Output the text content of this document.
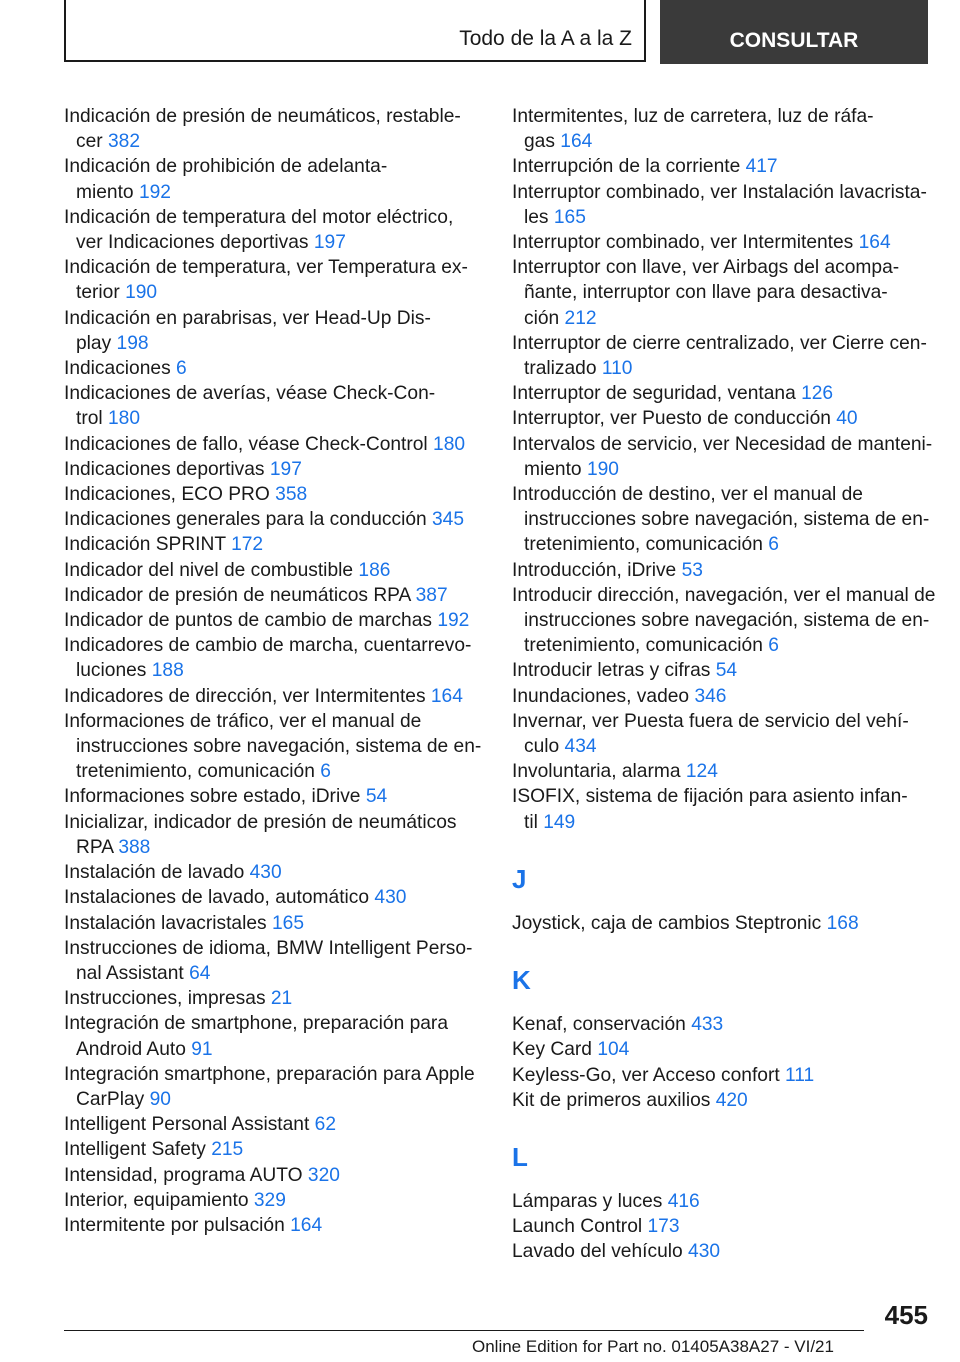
Todo de la A a la Z	CONSULTAR
Indicación de presión de neumáticos, restable-
cer 382
Indicación de prohibición de adelanta-
miento 192
Indicación de temperatura del motor eléctrico,
ver Indicaciones deportivas 197
Indicación de temperatura, ver Temperatura ex-
terior 190
Indicación en parabrisas, ver Head-Up Dis-
play 198
Indicaciones 6
Indicaciones de averías, véase Check-Con-
trol 180
Indicaciones de fallo, véase Check-Control 180
Indicaciones deportivas 197
Indicaciones, ECO PRO 358
Indicaciones generales para la conducción 345
Indicación SPRINT 172
Indicador del nivel de combustible 186
Indicador de presión de neumáticos RPA 387
Indicador de puntos de cambio de marchas 192
Indicadores de cambio de marcha, cuentarrevo-
luciones 188
Indicadores de dirección, ver Intermitentes 164
Informaciones de tráfico, ver el manual de
instrucciones sobre navegación, sistema de en-
tretenimiento, comunicación 6
Informaciones sobre estado, iDrive 54
Inicializar, indicador de presión de neumáticos
RPA 388
Instalación de lavado 430
Instalaciones de lavado, automático 430
Instalación lavacristales 165
Instrucciones de idioma, BMW Intelligent Perso-
nal Assistant 64
Instrucciones, impresas 21
Integración de smartphone, preparación para
Android Auto 91
Integración smartphone, preparación para Apple
CarPlay 90
Intelligent Personal Assistant 62
Intelligent Safety 215
Intensidad, programa AUTO 320
Interior, equipamiento 329
Intermitente por pulsación 164
Intermitentes, luz de carretera, luz de ráfa-
gas 164
Interrupción de la corriente 417
Interruptor combinado, ver Instalación lavacrista-
les 165
Interruptor combinado, ver Intermitentes 164
Interruptor con llave, ver Airbags del acompa-
ñante, interruptor con llave para desactiva-
ción 212
Interruptor de cierre centralizado, ver Cierre cen-
tralizado 110
Interruptor de seguridad, ventana 126
Interruptor, ver Puesto de conducción 40
Intervalos de servicio, ver Necesidad de manteni-
miento 190
Introducción de destino, ver el manual de
instrucciones sobre navegación, sistema de en-
tretenimiento, comunicación 6
Introducción, iDrive 53
Introducir dirección, navegación, ver el manual de
instrucciones sobre navegación, sistema de en-
tretenimiento, comunicación 6
Introducir letras y cifras 54
Inundaciones, vadeo 346
Invernar, ver Puesta fuera de servicio del vehí-
culo 434
Involuntaria, alarma 124
ISOFIX, sistema de fijación para asiento infan-
til 149
J
Joystick, caja de cambios Steptronic 168
K
Kenaf, conservación 433
Key Card 104
Keyless-Go, ver Acceso confort 111
Kit de primeros auxilios 420
L
Lámparas y luces 416
Launch Control 173
Lavado del vehículo 430
455
Online Edition for Part no. 01405A38A27 - VI/21
